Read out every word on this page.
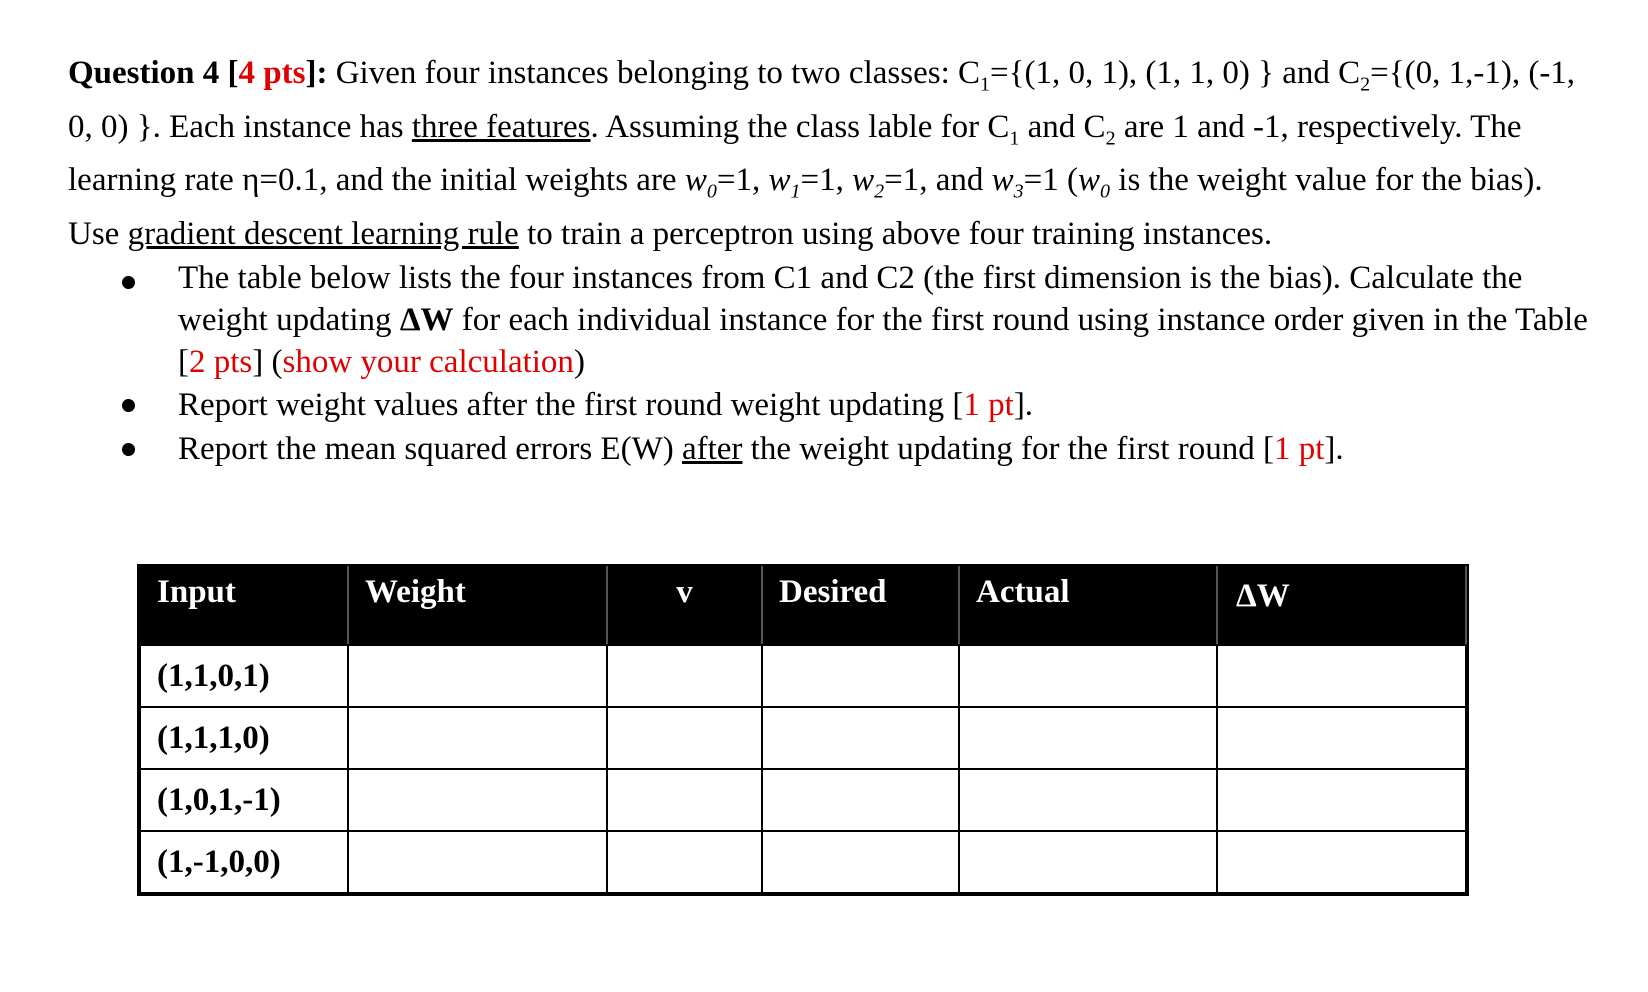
Question 4 [4 pts]: Given four instances belonging to two classes: $C_1=\{(1$, 0, 1), (1, 1, 0) } and $C_2=\{(0$, 1,-1), (-1, 0, 0) }. Each instance has three features. Assuming the class lable for $C_1$ and $C_2$ are 1 and -1, respectively. The learning rate η=0.1, and the initial weights are $w_0=1$, $w_1=1$, $w_2=1$, and $w_3=1$ ($w_0$ is the weight value for the bias). Use gradient descent learning rule to train a perceptron using above four training instances.

The table below lists the four instances from C1 and C2 (the first dimension is the bias). Calculate the weight updating ΔW for each individual instance for the first round using instance order given in the Table [2 pts] (show your calculation)
Report weight values after the first round weight updating [1 pt].
Report the mean squared errors E(W) after the weight updating for the first round [1 pt].
Input	Weight	v	Desired	Actual	ΔW
(1,1,0,1)					
(1,1,1,0)					
(1,0,1,-1)					
(1,-1,0,0)					
